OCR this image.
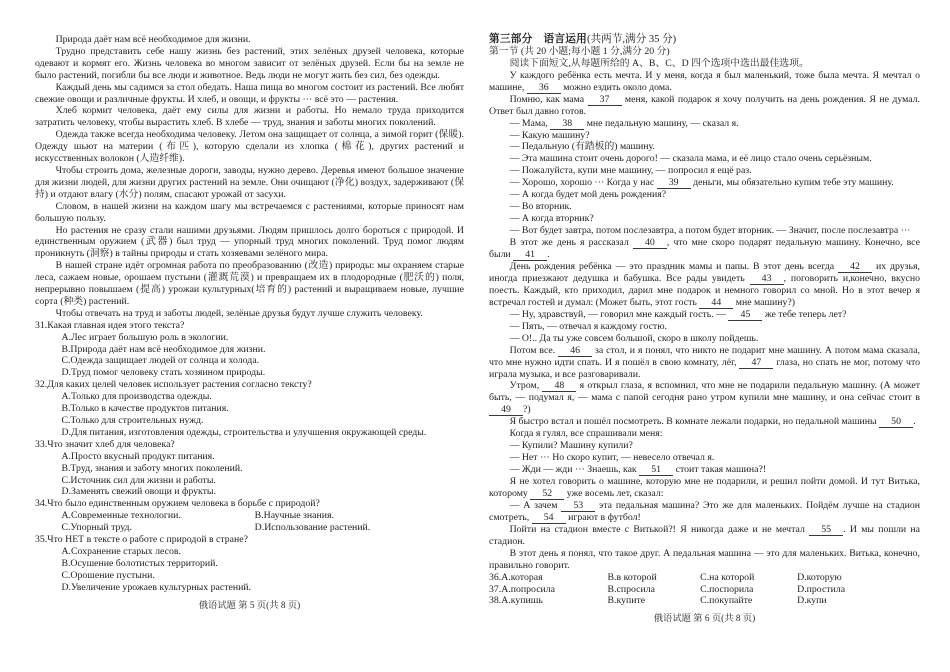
Природа даёт нам всё необходимое для жизни.
Трудно представить себе нашу жизнь без растений, этих зелёных друзей человека, которые одевают и кормят его. Жизнь человека во многом зависит от зелёных друзей. Если бы на земле не было растений, погибли бы все люди и животное. Ведь люди не могут жить без сил, без одежды.
Каждый день мы садимся за стол обедать. Наша пища во многом состоит из растений. Все любят свежие овощи и различные фрукты. И хлеб, и овощи, и фрукты ··· всё это — растения.
Хлеб кормит человека, даёт ему силы для жизни и работы. Но немало труда приходится затратить человеку, чтобы вырастить хлеб. В хлебе — труд, знания и заботы многих поколений.
Одежда также всегда необходима человеку. Летом она защищает от солнца, а зимой горит (保暖). Одежду шьют на материи (布匹), которую сделали из хлопка (棉花), других растений и искусственных волокон (人造纤维).
Чтобы строить дома, железные дороги, заводы, нужно дерево. Деревья имеют большое значение для жизни людей, для жизни других растений на земле. Они очищают (净化) воздух, задерживают (保持) и отдают влагу (水分) полям, спасают урожай от засухи.
Словом, в нашей жизни на каждом шагу мы встречаемся с растениями, которые приносят нам большую пользу.
Но растения не сразу стали нашими друзьями. Людям пришлось долго бороться с природой. И единственным оружием (武器) был труд — упорный труд многих поколений. Труд помог людям проникнуть (洞察) в тайны природы и стать хозяевами зелёного мира.
В нашей стране идёт огромная работа по преобразованию (改造) природы: мы охраняем старые леса, сажаем новые, орошаем пустыни (灌溉荒漠) и превращаем их в плодородные (肥沃的) поля, непрерывно повышаем (提高) урожаи культурных(培育的) растений и выращиваем новые, лучшие сорта (种类) растений.
Чтобы отвечать на труд и заботы людей, зелёные друзья будут лучше служить человеку.
31.Какая главная идея этого текста?
A.Лес играет большую роль в экологии.
B.Природа даёт нам всё необходимое для жизни.
C.Одежда защищает людей от солнца и холода.
D.Труд помог человеку стать хозяином природы.
32.Для каких целей человек использует растения согласно тексту?
A.Только для производства одежды.
B.Только в качестве продуктов питания.
C.Только для строительных нужд.
D.Для питания, изготовления одежды, строительства и улучшения окружающей среды.
33.Что значит хлеб для человека?
A.Просто вкусный продукт питания.
B.Труд, знания и заботу многих поколений.
C.Источник сил для жизни и работы.
D.Заменять свежий овощи и фрукты.
34.Что было единственным оружием человека в борьбе с природой?
A.Современные технологии.	B.Научные знания.
C.Упорный труд.	D.Использование растений.
35.Что НЕТ в тексте о работе с природой в стране?
A.Сохранение старых лесов.
B.Осушение болотистых территорий.
C.Орошение пустыни.
D.Увеличение урожаев культурных растений.
俄语试题 第 5 页(共 8 页)
第三部分　语言运用(共两节,满分 35 分)
第一节 (共 20 小题;每小题 1 分,满分 20 分)
阅读下面短文,从每题所给的 A、B、C、D 四个选项中选出最佳选项。
У каждого ребёнка есть мечта. И у меня, когда я был маленький, тоже была мечта. Я мечтал о машине, 36 можно ездить около дома.
Помню, как мама 37 меня, какой подарок я хочу получить на день рождения. Я не думал. Ответ был давно готов.
— Мама, 38 мне педальную машину, — сказал я.
— Какую машину?
— Педальную (有踏板的) машину.
— Эта машина стоит очень дорого! — сказала мама, и её лицо стало очень серьёзным.
— Пожалуйста, купи мне машину, — попросил я ещё раз.
— Хорошо, хорошо ··· Когда у нас 39 деньги, мы обязательно купим тебе эту машину.
— А когда будет мой день рождения?
— Во вторник.
— А когда вторник?
— Вот будет завтра, потом послезавтра, а потом будет вторник. — Значит, после послезавтра ···
В этот же день я рассказал 40 , что мне скоро подарят педальную машину. Конечно, все были 41 .
День рождения ребёнка — это праздник мамы и папы. В этот день всегда 42 их друзья, иногда приезжают дедушка и бабушка. Все рады увидеть 43 , поговорить и,конечно, вкусно поесть. Каждый, кто приходил, дарил мне подарок и немного говорил со мной. Но в этот вечер я встречал гостей и думал: (Может быть, этот гость 44 мне машину?)
— Ну, здравствуй, — говорил мне каждый гость. — 45 же тебе теперь лет?
— Пять, — отвечал я каждому гостю.
— О!.. Да ты уже совсем большой, скоро в школу пойдешь.
Потом все. 46 за стол, и я понял, что никто не подарит мне машину. А потом мама сказала, что мне нужно идти спать. И я пошёл в свою комнату, лёг, 47 глаза, но спать не мог, потому что играла музыка, и все разговаривали.
Утром, 48 я открыл глаза, я вспомнил, что мне не подарили педальную машину. (А может быть, — подумал я, — мама с папой сегодня рано утром купили мне машину, и она сейчас стоит в 49 ?)
Я быстро встал и пошёл посмотреть. В комнате лежали подарки, но педальной машины 50 .
Когда я гулял, все спрашивали меня:
— Купили? Машину купили?
— Нет ··· Но скоро купит, — невесело отвечал я.
— Жди — жди ··· Знаешь, как 51 стоит такая машина?!
Я не хотел говорить о машине, которую мне не подарили, и решил пойти домой. И тут Витька, которому 52 уже восемь лет, сказал:
— А зачем 53 эта педальная машина? Это же для маленьких. Пойдём лучше на стадион смотреть, 54 играют в футбол!
Пойти на стадион вместе с Витькой?! Я никогда даже и не мечтал 55 . И мы пошли на стадион.
В этот день я понял, что такое друг. А педальная машина — это для маленьких. Витька, конечно, правильно говорит.
36.A.которая	B.в которой	C.на которой	D.которую
37.A.попросила	B.спросила	C.поспорила	D.простила
38.A.купишь	B.купите	C.покупайте	D.купи
俄语试题 第 6 页(共 8 页)
